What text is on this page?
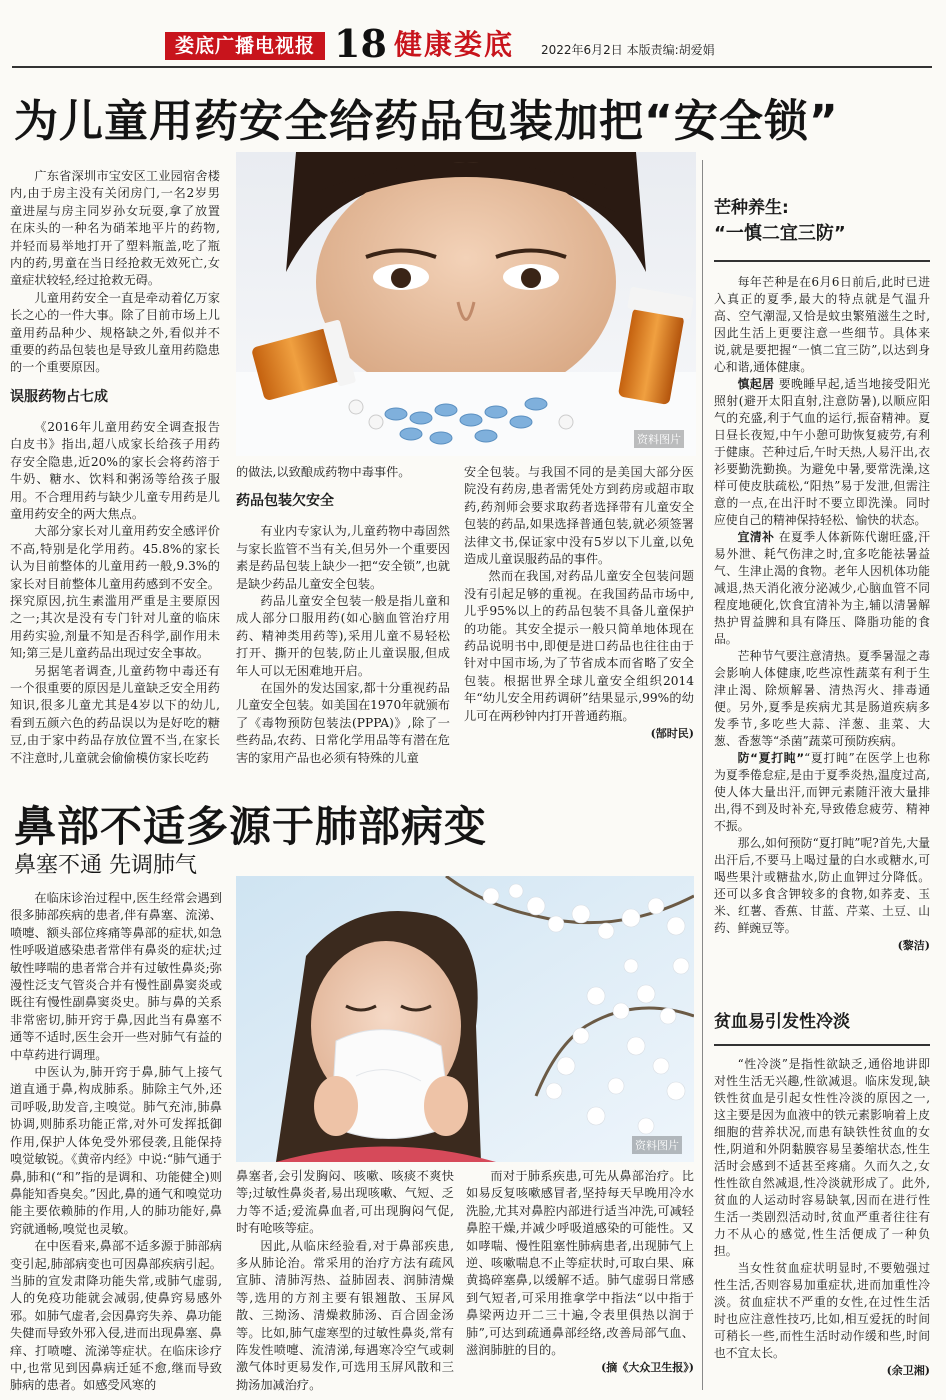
娄底广播电视报 18 健康娄底 2022年6月2日 本版责编:胡爱娟
为儿童用药安全给药品包装加把“安全锁”

广东省深圳市宝安区工业园宿舍楼内,由于房主没有关闭房门,一名2岁男童进屋与房主同岁孙女玩耍,拿了放置在床头的一种名为硝苯地平片的药物,并轻而易举地打开了塑料瓶盖,吃了瓶内的药,男童在当日经抢救无效死亡,女童症状较轻,经过抢救无碍。

儿童用药安全一直是牵动着亿万家长之心的一件大事。除了目前市场上儿童用药品种少、规格缺之外,看似并不重要的药品包装也是导致儿童用药隐患的一个重要原因。

误服药物占七成

《2016年儿童用药安全调查报告白皮书》指出,超八成家长给孩子用药存安全隐患,近20%的家长会将药溶于牛奶、糖水、饮料和粥汤等给孩子服用。不合理用药与缺少儿童专用药是儿童用药安全的两大焦点。

大部分家长对儿童用药安全感评价不高,特别是化学用药。45.8%的家长认为目前整体的儿童用药一般,9.3%的家长对目前整体儿童用药感到不安全。探究原因,抗生素滥用严重是主要原因之一;其次是没有专门针对儿童的临床用药实验,剂量不知是否科学,副作用未知;第三是儿童药品出现过安全事故。

另据笔者调查,儿童药物中毒还有一个很重要的原因是儿童缺乏安全用药知识,很多儿童尤其是4岁以下的幼儿,看到五颜六色的药品误以为是好吃的糖豆,由于家中药品存放位置不当,在家长不注意时,儿童就会偷偷模仿家长吃药

资料图片
的做法,以致酿成药物中毒事件。
药品包装欠安全

有业内专家认为,儿童药物中毒固然与家长监管不当有关,但另外一个重要因素是药品包装上缺少一把“安全锁”,也就是缺少药品儿童安全包装。

药品儿童安全包装一般是指儿童和成人部分口服用药(如心脑血管治疗用药、精神类用药等),采用儿童不易轻松打开、撕开的包装,防止儿童误服,但成年人可以无困难地开启。

在国外的发达国家,都十分重视药品儿童安全包装。如美国在1970年就颁布了《毒物预防包装法(PPPA)》,除了一些药品,农药、日常化学用品等有潜在危害的家用产品也必须有特殊的儿童

安全包装。与我国不同的是美国大部分医院没有药房,患者需凭处方到药房或超市取药,药剂师会要求取药者选择带有儿童安全包装的药品,如果选择普通包装,就必须签署法律文书,保证家中没有5岁以下儿童,以免造成儿童误服药品的事件。

然而在我国,对药品儿童安全包装问题没有引起足够的重视。在我国药品市场中,儿乎95%以上的药品包装不具备儿童保护的功能。其安全提示一般只简单地体现在药品说明书中,即便是进口药品也往往由于针对中国市场,为了节省成本而省略了安全包装。根据世界全球儿童安全组织2014年“幼儿安全用药调研”结果显示,99%的幼儿可在两秒钟内打开普通药瓶。

(郜时民)
鼻部不适多源于肺部病变
鼻塞不通 先调肺气

在临床诊治过程中,医生经常会遇到很多肺部疾病的患者,伴有鼻塞、流涕、喷嚏、额头部位疼痛等鼻部的症状,如急性呼吸道感染患者常伴有鼻炎的症状;过敏性哮喘的患者常合并有过敏性鼻炎;弥漫性泛支气管炎合并有慢性副鼻窦炎或既往有慢性副鼻窦炎史。肺与鼻的关系非常密切,肺开窍于鼻,因此当有鼻塞不通等不适时,医生会开一些对肺气有益的中草药进行调理。

中医认为,肺开窍于鼻,肺气上接气道直通于鼻,构成肺系。肺除主气外,还司呼吸,助发音,主嗅觉。肺气充沛,肺鼻协调,则肺系功能正常,对外可发挥抵御作用,保护人体免受外邪侵袭,且能保持嗅觉敏锐。《黄帝内经》中说:“肺气通于鼻,肺和(“和”指的是调和、功能健全)则鼻能知香臭矣。”因此,鼻的通气和嗅觉功能主要依赖肺的作用,人的肺功能好,鼻窍就通畅,嗅觉也灵敏。

在中医看来,鼻部不适多源于肺部病变引起,肺部病变也可因鼻部疾病引起。当肺的宣发肃降功能失常,或肺气虚弱,人的免疫功能就会减弱,使鼻窍易感外邪。如肺气虚者,会因鼻窍失养、鼻功能失健而导致外邪入侵,进而出现鼻塞、鼻痒、打喷嚏、流涕等症状。在临床诊疗中,也常见到因鼻病迁延不愈,继而导致肺病的患者。如感受风寒的

资料图片

鼻塞者,会引发胸闷、咳嗽、咳痰不爽快等;过敏性鼻炎者,易出现咳嗽、气短、乏力等不适;爱流鼻血者,可出现胸闷气促,时有呛咳等症。

因此,从临床经验看,对于鼻部疾患,多从肺论治。常采用的治疗方法有疏风宣肺、清肺泻热、益肺固表、润肺清燥等,选用的方剂主要有银翘散、玉屏风散、三拗汤、清燥救肺汤、百合固金汤等。比如,肺气虚寒型的过敏性鼻炎,常有阵发性喷嚏、流清涕,每遇寒冷空气或刺激气体时更易发作,可选用玉屏风散和三拗汤加减治疗。

而对于肺系疾患,可先从鼻部治疗。比如易反复咳嗽感冒者,坚持每天早晚用冷水洗脸,尤其对鼻腔内部进行适当冲洗,可减轻鼻腔干燥,并减少呼吸道感染的可能性。又如哮喘、慢性阻塞性肺病患者,出现肺气上逆、咳嗽喘息不止等症状时,可取白果、麻黄捣碎塞鼻,以缓解不适。肺气虚弱日常感到气短者,可采用推拿学中指法“以中指于鼻梁两边开二三十遍,令表里俱热以润于肺”,可达到疏通鼻部经络,改善局部气血、滋润肺脏的目的。

(摘《大众卫生报》)
芒种养生:
“一慎二宜三防”

每年芒种是在6月6日前后,此时已进入真正的夏季,最大的特点就是气温升高、空气潮湿,又恰是蚊虫繁殖滋生之时,因此生活上更要注意一些细节。具体来说,就是要把握“一慎二宜三防”,以达到身心和谐,通体健康。

慎起居 要晚睡早起,适当地接受阳光照射(避开太阳直射,注意防暑),以顺应阳气的充盛,利于气血的运行,振奋精神。夏日昼长夜短,中午小憩可助恢复疲劳,有利于健康。芒种过后,午时天热,人易汗出,衣衫要勤洗勤换。为避免中暑,要常洗澡,这样可使皮肤疏松,“阳热”易于发泄,但需注意的一点,在出汗时不要立即洗澡。同时应使自己的精神保持轻松、愉快的状态。

宜清补 在夏季人体新陈代谢旺盛,汗易外泄、耗气伤津之时,宜多吃能祛暑益气、生津止渴的食物。老年人因机体功能减退,热天消化液分泌减少,心脑血管不同程度地硬化,饮食宜清补为主,辅以清暑解热护胃益脾和具有降压、降脂功能的食品。

芒种节气要注意清热。夏季暑湿之毒会影响人体健康,吃些凉性蔬菜有利于生津止渴、除烦解暑、清热泻火、排毒通便。另外,夏季是疾病尤其是肠道疾病多发季节,多吃些大蒜、洋葱、韭菜、大葱、香葱等“杀菌”蔬菜可预防疾病。

防“夏打盹”“夏打盹”在医学上也称为夏季倦怠症,是由于夏季炎热,温度过高,使人体大量出汗,而钾元素随汗液大量排出,得不到及时补充,导致倦怠疲劳、精神不振。

那么,如何预防“夏打盹”呢?首先,大量出汗后,不要马上喝过量的白水或糖水,可喝些果汁或糖盐水,防止血钾过分降低。还可以多食含钾较多的食物,如荞麦、玉米、红薯、香蕉、甘蓝、芹菜、土豆、山药、鲜豌豆等。

(黎洁)
贫血易引发性冷淡

“性冷淡”是指性欲缺乏,通俗地讲即对性生活无兴趣,性欲减退。临床发现,缺铁性贫血是引起女性性冷淡的原因之一,这主要是因为血液中的铁元素影响着上皮细胞的营养状况,而患有缺铁性贫血的女性,阴道和外阴黏膜容易呈萎缩状态,性生活时会感到不适甚至疼痛。久而久之,女性性欲自然减退,性冷淡就形成了。此外,贫血的人运动时容易缺氧,因而在进行性生活一类剧烈活动时,贫血严重者往往有力不从心的感觉,性生活便成了一种负担。

当女性贫血症状明显时,不要勉强过性生活,否则容易加重症状,进而加重性冷淡。贫血症状不严重的女性,在过性生活时也应注意性技巧,比如,相互爱抚的时间可稍长一些,而性生活时动作缓和些,时间也不宜太长。

(余卫湘)
